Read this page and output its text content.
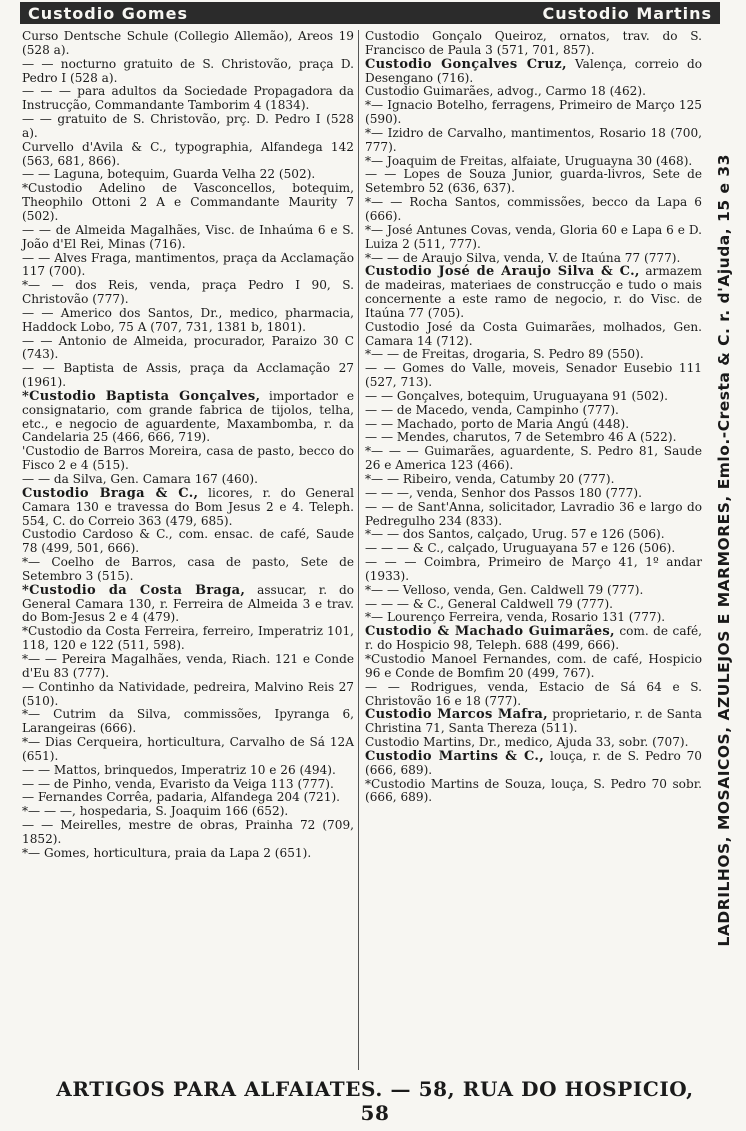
Custodio Gomes	Custodio Martins

Curso Dentsche Schule (Collegio Allemão), Areos 19 (528 a).

— — nocturno gratuito de S. Christovão, praça D. Pedro I (528 a).

— — — para adultos da Sociedade Propagadora da Instrucção, Commandante Tamborim 4 (1834).

— — gratuito de S. Christovão, prç. D. Pedro I (528 a).

Curvello d'Avila & C., typographia, Alfandega 142 (563, 681, 866).

— — Laguna, botequim, Guarda Velha 22 (502).

*Custodio Adelino de Vasconcellos, botequim, Theophilo Ottoni 2 A e Commandante Maurity 7 (502).

— — de Almeida Magalhães, Visc. de Inhaúma 6 e S. João d'El Rei, Minas (716).

— — Alves Fraga, mantimentos, praça da Acclamação 117 (700).

*— — dos Reis, venda, praça Pedro I 90, S. Christovão (777).

— — Americo dos Santos, Dr., medico, pharmacia, Haddock Lobo, 75 A (707, 731, 1381 b, 1801).

— — Antonio de Almeida, procurador, Paraizo 30 C (743).

— — Baptista de Assis, praça da Acclamação 27 (1961).

*Custodio Baptista Gonçalves, importador e consignatario, com grande fabrica de tijolos, telha, etc., e negocio de aguardente, Maxambomba, r. da Candelaria 25 (466, 666, 719).

'Custodio de Barros Moreira, casa de pasto, becco do Fisco 2 e 4 (515).

— — da Silva, Gen. Camara 167 (460).

Custodio Braga & C., licores, r. do General Camara 130 e travessa do Bom Jesus 2 e 4. Teleph. 554, C. do Correio 363 (479, 685).

Custodio Cardoso & C., com. ensac. de café, Saude 78 (499, 501, 666).

*— Coelho de Barros, casa de pasto, Sete de Setembro 3 (515).

*Custodio da Costa Braga, assucar, r. do General Camara 130, r. Ferreira de Almeida 3 e trav. do Bom-Jesus 2 e 4 (479).

*Custodio da Costa Ferreira, ferreiro, Imperatriz 101, 118, 120 e 122 (511, 598).

*— — Pereira Magalhães, venda, Riach. 121 e Conde d'Eu 83 (777).

— Continho da Natividade, pedreira, Malvino Reis 27 (510).

*— Cutrim da Silva, commissões, Ipyranga 6, Larangeiras (666).

*— Dias Cerqueira, horticultura, Carvalho de Sá 12A (651).

— — Mattos, brinquedos, Imperatriz 10 e 26 (494).

— — de Pinho, venda, Evaristo da Veiga 113 (777).

— Fernandes Corrêa, padaria, Alfandega 204 (721).

*— — —, hospedaria, S. Joaquim 166 (652).

— — Meirelles, mestre de obras, Prainha 72 (709, 1852).

*— Gomes, horticultura, praia da Lapa 2 (651).

Custodio Gonçalo Queiroz, ornatos, trav. do S. Francisco de Paula 3 (571, 701, 857).

Custodio Gonçalves Cruz, Valença, correio do Desengano (716).

Custodio Guimarães, advog., Carmo 18 (462).

*— Ignacio Botelho, ferragens, Primeiro de Março 125 (590).

*— Izidro de Carvalho, mantimentos, Rosario 18 (700, 777).

*— Joaquim de Freitas, alfaiate, Uruguayna 30 (468).

— — Lopes de Souza Junior, guarda-livros, Sete de Setembro 52 (636, 637).

*— — Rocha Santos, commissões, becco da Lapa 6 (666).

*— José Antunes Covas, venda, Gloria 60 e Lapa 6 e D. Luiza 2 (511, 777).

*— — de Araujo Silva, venda, V. de Itaúna 77 (777).

Custodio José de Araujo Silva & C., armazem de madeiras, materiaes de construcção e tudo o mais concernente a este ramo de negocio, r. do Visc. de Itaúna 77 (705).

Custodio José da Costa Guimarães, molhados, Gen. Camara 14 (712).

*— — de Freitas, drogaria, S. Pedro 89 (550).

— — Gomes do Valle, moveis, Senador Eusebio 111 (527, 713).

— — Gonçalves, botequim, Uruguayana 91 (502).

— — de Macedo, venda, Campinho (777).

— — Machado, porto de Maria Angú (448).

— — Mendes, charutos, 7 de Setembro 46 A (522).

*— — — Guimarães, aguardente, S. Pedro 81, Saude 26 e America 123 (466).

*— — Ribeiro, venda, Catumby 20 (777).

— — —, venda, Senhor dos Passos 180 (777).

— — de Sant'Anna, solicitador, Lavradio 36 e largo do Pedregulho 234 (833).

*— — dos Santos, calçado, Urug. 57 e 126 (506).

— — — & C., calçado, Uruguayana 57 e 126 (506).

— — — Coimbra, Primeiro de Março 41, 1º andar (1933).

*— — Velloso, venda, Gen. Caldwell 79 (777).

— — — & C., General Caldwell 79 (777).

*— Lourenço Ferreira, venda, Rosario 131 (777).

Custodio & Machado Guimarães, com. de café, r. do Hospicio 98, Teleph. 688 (499, 666).

*Custodio Manoel Fernandes, com. de café, Hospicio 96 e Conde de Bomfim 20 (499, 767).

— — Rodrigues, venda, Estacio de Sá 64 e S. Christovão 16 e 18 (777).

Custodio Marcos Mafra, proprietario, r. de Santa Christina 71, Santa Thereza (511).

Custodio Martins, Dr., medico, Ajuda 33, sobr. (707).

Custodio Martins & C., louça, r. de S. Pedro 70 (666, 689).

*Custodio Martins de Souza, louça, S. Pedro 70 sobr. (666, 689).	LADRILHOS, MOSAICOS, AZULEJOS E MARMORES, Emlo.-Cresta & C. r. d'Ajuda, 15 e 33
ARTIGOS PARA ALFAIATES. — 58, RUA DO HOSPICIO, 58
